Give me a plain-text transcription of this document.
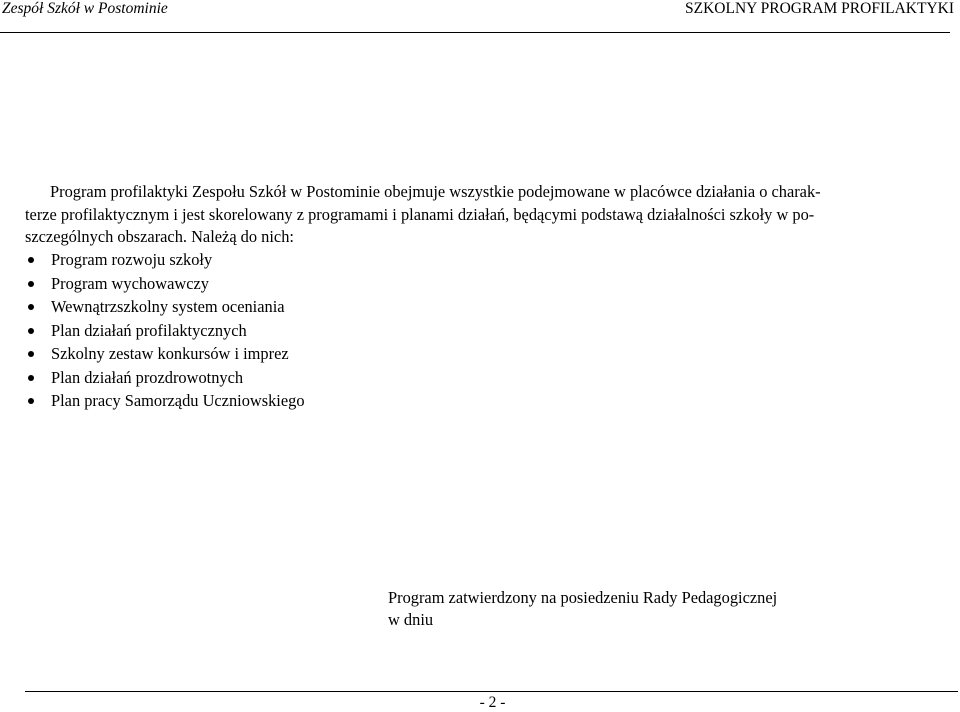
Zespół Szkół w Postominie	SZKOLNY PROGRAM PROFILAKTYKI

Program profilaktyki Zespołu Szkół w Postominie obejmuje wszystkie podejmowane w placówce działania o charak-
terze profilaktycznym i jest skorelowany z programami i planami działań, będącymi podstawą działalności szkoły w po-
szczególnych obszarach. Należą do nich:

Program rozwoju szkoły
Program wychowawczy
Wewnątrzszkolny system oceniania
Plan działań profilaktycznych
Szkolny zestaw konkursów i imprez
Plan działań prozdrowotnych
Plan pracy Samorządu Uczniowskiego
Program zatwierdzony na posiedzeniu Rady Pedagogicznej
w dniu
- 2 -
